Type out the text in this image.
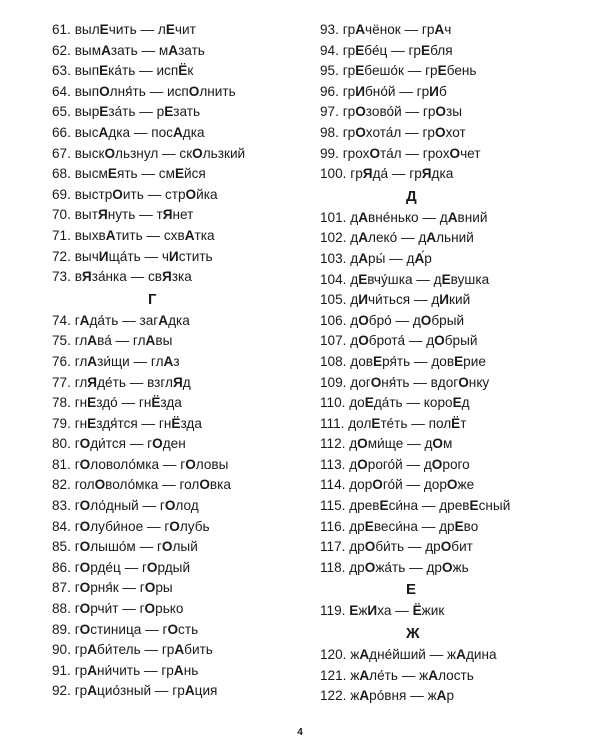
61. вылЕчить — лЕчит
62. вымАзать — мАзать
63. выпЕкать — испЁк
64. выпОлнять — испОлнить
65. вырЕзать — рЕзать
66. высАдка — посАдка
67. выскОльзнул — скОльзкий
68. высмЕять — смЕйся
69. выстрОить — стрОйка
70. вытЯнуть — тЯнет
71. выхвАтить — схвАтка
72. вычИщать — чИстить
73. вЯзанка — свЯзка
Г
74. гАдать — загАдка
75. глАва — глАвы
76. глАзищи — глАз
77. глЯдеть — взглЯд
78. гнЕздо — гнЁзда
79. гнЕздятся — гнЁзда
80. гОдится — гОден
81. гОловоломка — гОловы
82. голОволомка — голОвка
83. гОлодный — гОлод
84. гОлубиное — гОлубь
85. гОлышом — гОлый
86. гОрдец — гОрдый
87. гОрняк — гОры
88. гОрчит — гОрько
89. гОстиница — гОсть
90. грАбитель — грАбить
91. грАничить — грАнь
92. грАциозный — грАция
93. грАчёнок — грАч
94. грЕбец — грЕбля
95. грЕбешок — грЕбень
96. грИбной — грИб
97. грОзовой — грОзы
98. грОхотал — грОхот
99. грохОтал — грохОчет
100. грЯда — грЯдка
Д
101. дАвненько — дАвний
102. дАлеко — дАльний
103. дАры — дАр
104. дЕвчушка — дЕвушка
105. дИчиться — дИкий
106. дОбро — дОбрый
107. дОброта — дОбрый
108. довЕрять — довЕрие
109. догОнять — вдогОнку
110. доЕдать — короЕд
111. долЕтеть — полЁт
112. дОмище — дОм
113. дОрогой — дОрого
114. дорОгой — дорОже
115. древЕсина — древЕсный
116. дрЕвесина — дрЕво
117. дрОбить — дрОбит
118. дрОжать — дрОжь
Е
119. ЕжИха — Ёжик
Ж
120. жАднейший — жАдина
121. жАлеть — жАлость
122. жАровня — жАр
4
